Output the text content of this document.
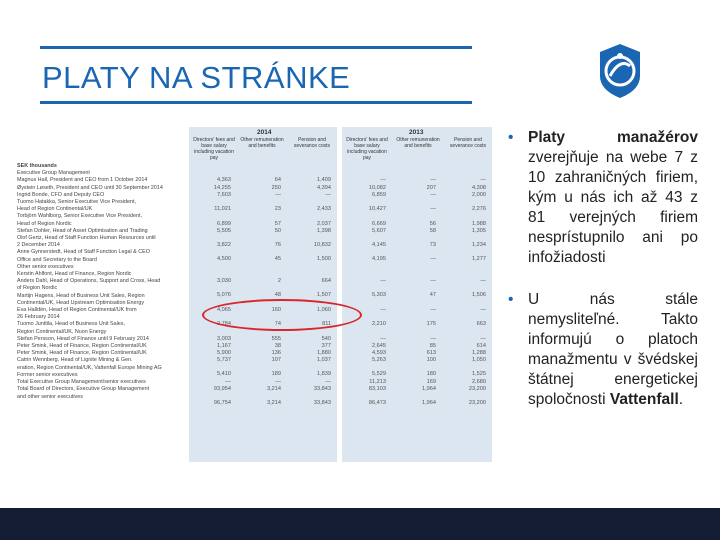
PLATY NA STRÁNKE
2014	2013
Directors' fees and base salary including vacation pay
Other remuneration and benefits
Pension and severance costs
Directors' fees and base salary including vacation pay
Other remuneration and benefits
Pension and severance costs
SEK thousands
Executive Group Management
Magnus Hall, President and CEO from 1 October 2014
Øystein Løseth, President and CEO until 30 September 2014
Ingrid Bonde, CFO and Deputy CEO
Tuomo Hatakka, Senior Executive Vice President,
Head of Region Continental/UK
Torbjörn Wahlborg, Senior Executive Vice President,
Head of Region Nordic
Stefan Dohler, Head of Asset Optimisation and Trading
Olof Gertz, Head of Staff Function Human Resources until
2 December 2014
Anne Gynnerstedt, Head of Staff Function Legal & CEO
Office and Secretary to the Board
Other senior executives
Kerstin Ahlfont, Head of Finance, Region Nordic
Anders Dahl, Head of Operations, Support and Cross, Head
of Region Nordic
Martijn Hagens, Head of Business Unit Sales, Region
Continental/UK, Head Upstream Optimisation Energy
Eva Halldén, Head of Region Continental/UK from
26 February 2014
Tuomo Junttila, Head of Business Unit Sales,
Region Continental/UK, Nuon Energy
Stefan Persson, Head of Finance until 9 February 2014
Peter Smink, Head of Finance, Region Continental/UK
Peter Smink, Head of Finance, Region Continental/UK
Catrin Wennberg, Head of Lignite Mining & Gen.
eration, Region Continental/UK, Vattenfall Europe Mining AG
Former senior executives
Total Executive Group Management/senior executives
Total Board of Directors, Executive Group Management
and other senior executives
4,363
14,255
7,603
11,021
6,899
5,505
3,822
4,500
3,030
5,076
4,065
2,784
3,003
1,167
5,900
5,737
5,410
—
93,954
96,754
64
250
—
23
57
50
76
45
2
48
160
74
555
38
136
107
189
—
3,214
3,214
1,409
4,394
—
2,433
2,037
1,398
10,832
1,500
664
1,507
1,060
811
540
377
1,880
1,037
1,839
—
33,843
33,843
—
10,082
6,859
10,427
6,669
5,607
4,145
4,195
—
5,303
—
2,210
—
2,645
4,593
5,263
5,529
11,213
83,103
86,473
—
207
—
—
56
58
73
—
—
47
—
175
—
85
613
100
180
169
1,964
1,964
—
4,308
2,000
2,276
1,988
1,305
1,234
1,277
—
1,506
—
663
—
614
1,288
1,050
1,525
2,680
23,200
23,200
• Platy manažérov zverejňuje na webe 7 z 10 zahraničných firiem, kým u nás ich až 43 z 81 verejných firiem nesprístupnilo ani po infožiadosti
• U nás stále nemysliteľné. Takto informujú o platoch manažmentu v švédskej štátnej energetickej spoločnosti Vattenfall.
